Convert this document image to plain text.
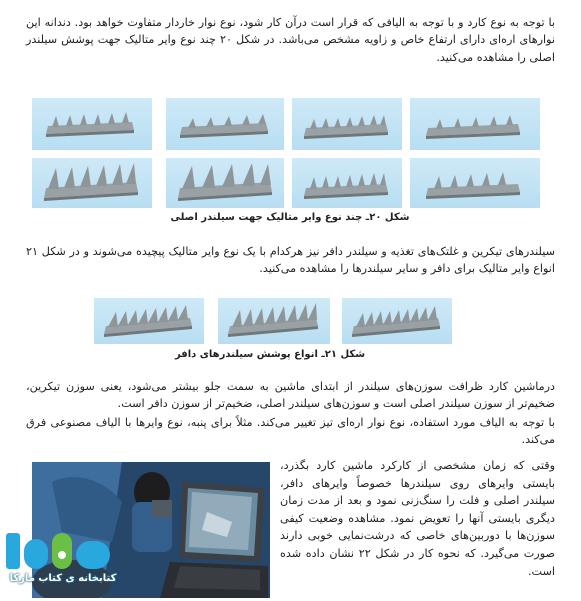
با توجه به نوع کارد و با توجه به الیافی که قرار است درآن کار شود، نوع نوار خاردار متفاوت خواهد بود. دندانه این نوارهای اره‌ای دارای ارتفاع خاص و زاویه مشخص می‌باشد. در شکل ۲۰ چند نوع وایر متالیک جهت پوشش سیلندر اصلی را مشاهده می‌کنید.
شکل ۲۰ـ چند نوع وایر متالیک جهت سیلندر اصلی
سیلندرهای تیکرین و غلتک‌های تغذیه و سیلندر دافر نیز هرکدام با یک نوع وایر متالیک پیچیده می‌شوند و در شکل ۲۱ انواع وایر متالیک برای دافر و سایر سیلندرها را مشاهده می‌کنید.
شکل ۲۱ـ انواع پوشش سیلندرهای دافر
درماشین کارد ظرافت سوزن‌های سیلندر از ابتدای ماشین به سمت جلو بیشتر می‌شود، یعنی سوزن تیکرین، ضخیم‌تر از سوزن سیلندر اصلی است و سوزن‌های سیلندر اصلی، ضخیم‌تر از سوزن دافر است.
با توجه به الیاف مورد استفاده، نوع نوار اره‌ای تیز تغییر می‌کند. مثلاً برای پنبه، نوع وایرها با الیاف مصنوعی فرق می‌کند.
وقتی که زمان مشخصی از کارکرد ماشین کارد بگذرد، بایستی وایرهای روی سیلندرها خصوصاً وایرهای دافر، سیلندر اصلی و فلت را سنگ‌زنی نمود و بعد از مدت زمان دیگری بایستی آنها را تعویض نمود. مشاهده وضعیت کیفی سوزن‌ها با دوربین‌های خاصی که درشت‌نمایی خوبی دارند صورت می‌گیرد. که نحوه کار در شکل ۲۲ نشان داده شده است.
کتابخانه ی کتاب مارکا
